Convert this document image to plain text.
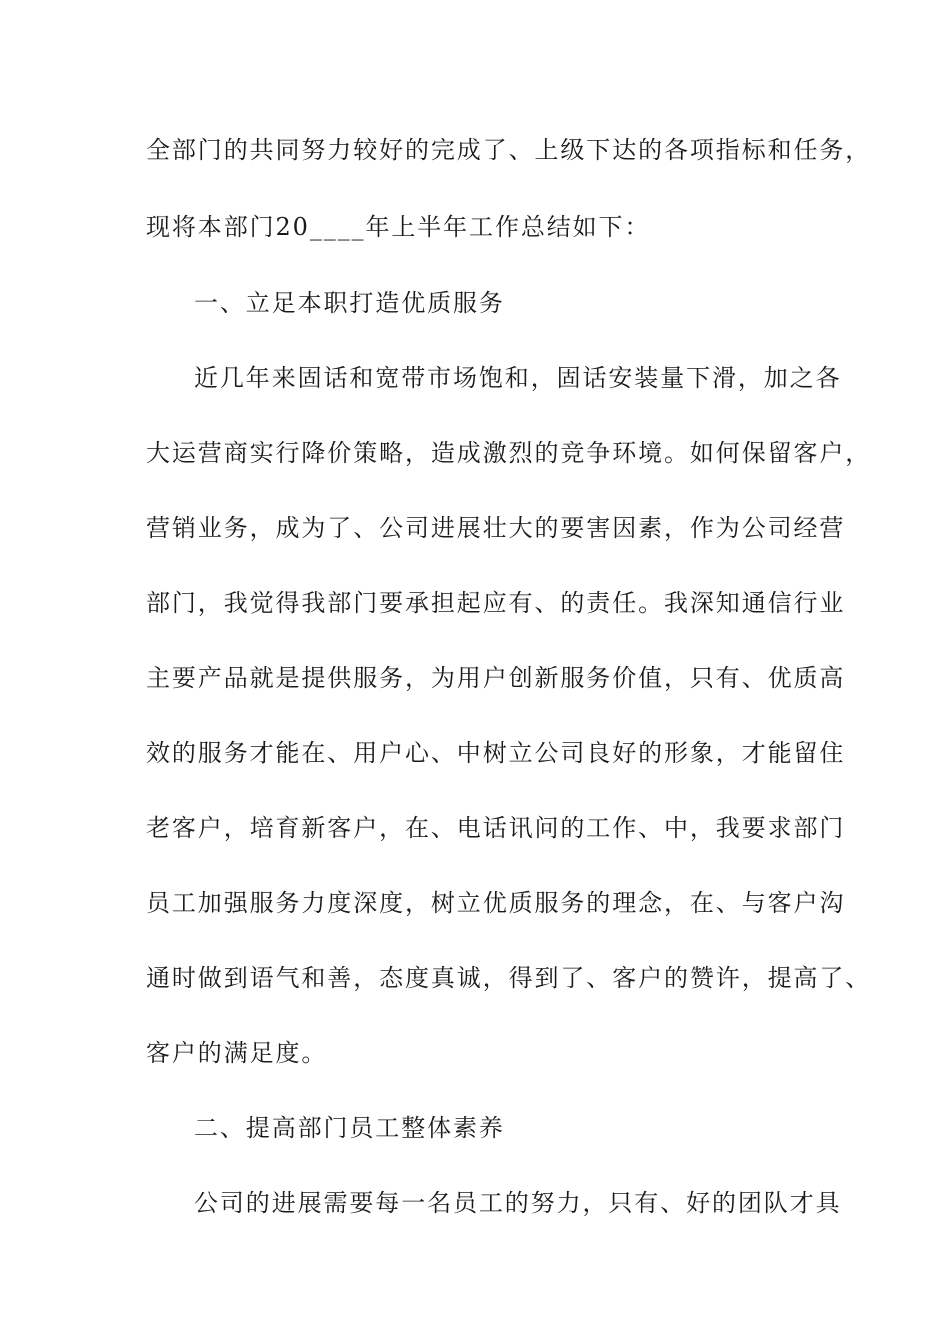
全部门的共同努力较好的完成了、上级下达的各项指标和任务，
现将本部门20____年上半年工作总结如下：
一、立足本职打造优质服务
近几年来固话和宽带市场饱和，固话安装量下滑，加之各
大运营商实行降价策略，造成激烈的竞争环境。如何保留客户，
营销业务，成为了、公司进展壮大的要害因素，作为公司经营
部门，我觉得我部门要承担起应有、的责任。我深知通信行业
主要产品就是提供服务，为用户创新服务价值，只有、优质高
效的服务才能在、用户心、中树立公司良好的形象，才能留住
老客户，培育新客户，在、电话讯问的工作、中，我要求部门
员工加强服务力度深度，树立优质服务的理念，在、与客户沟
通时做到语气和善，态度真诚，得到了、客户的赞许，提高了、
客户的满足度。
二、提高部门员工整体素养
公司的进展需要每一名员工的努力，只有、好的团队才具
